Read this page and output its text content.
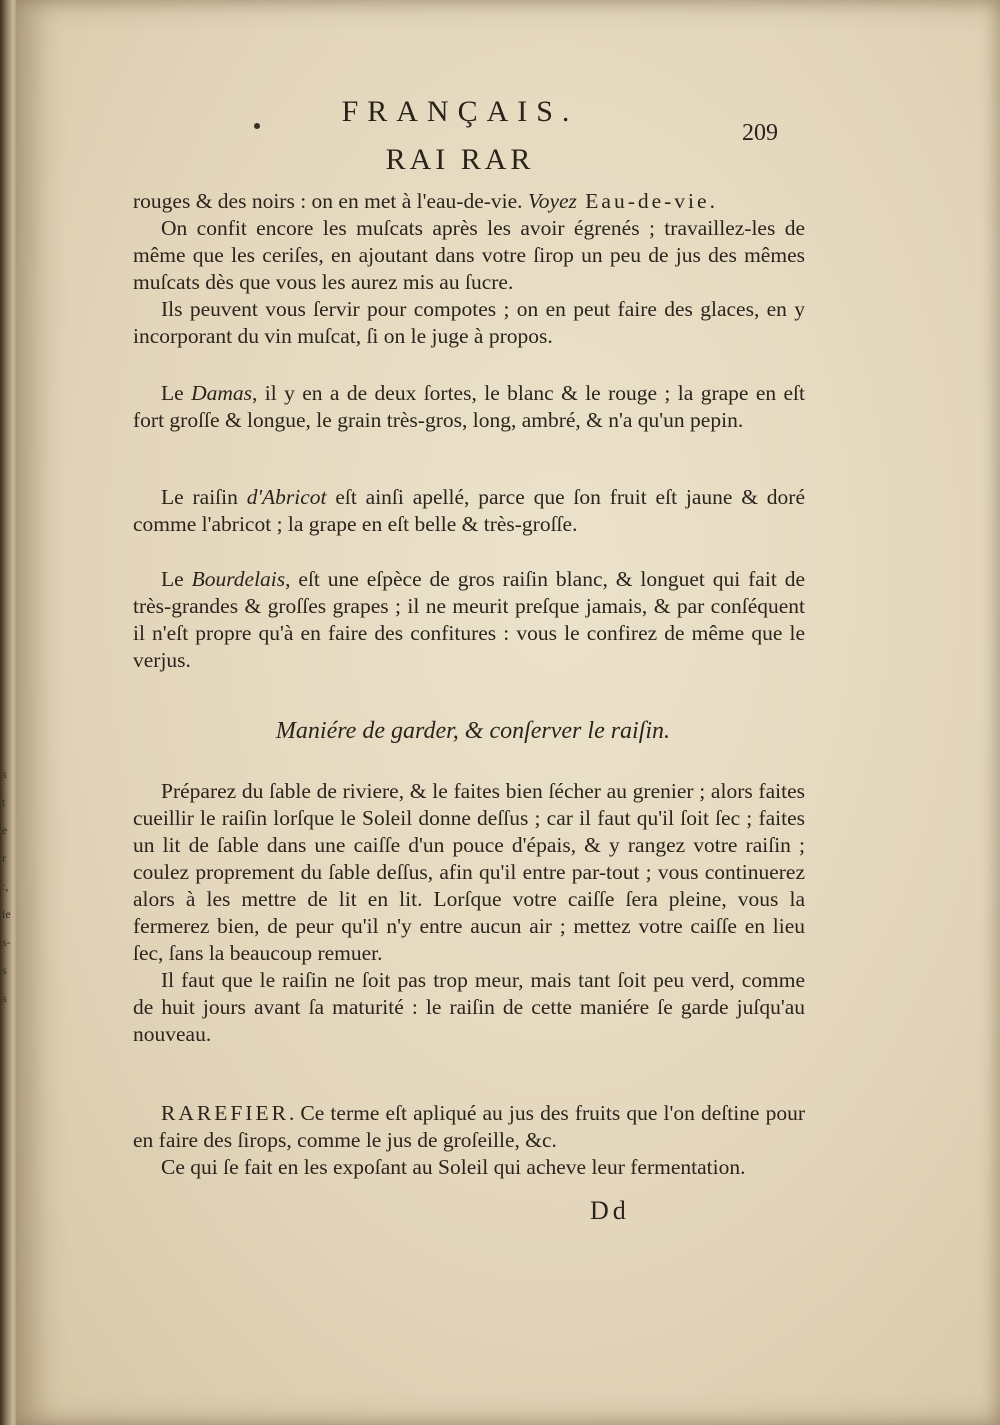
s
t
e
r
:,
le
s-
s
s
FRANÇAIS.
209
RAI RAR

rouges & des noirs : on en met à l'eau-de-vie. Voyez Eau-de-vie.

On confit encore les muſcats après les avoir égrenés ; travaillez-les de même que les ceriſes, en ajoutant dans votre ſirop un peu de jus des mêmes muſcats dès que vous les aurez mis au ſucre.

Ils peuvent vous ſervir pour compotes ; on en peut faire des glaces, en y incorporant du vin muſcat, ſi on le juge à propos.

Le Damas, il y en a de deux ſortes, le blanc & le rouge ; la grape en eſt fort groſſe & longue, le grain très-gros, long, ambré, & n'a qu'un pepin.

Le raiſin d'Abricot eſt ainſi apellé, parce que ſon fruit eſt jaune & doré comme l'abricot ; la grape en eſt belle & très-groſſe.

Le Bourdelais, eſt une eſpèce de gros raiſin blanc, & longuet qui fait de très-grandes & groſſes grapes ; il ne meurit preſque jamais, & par conſéquent il n'eſt propre qu'à en faire des confitures : vous le confirez de même que le verjus.

Maniére de garder, & conſerver le raiſin.

Préparez du ſable de riviere, & le faites bien ſécher au grenier ; alors faites cueillir le raiſin lorſque le Soleil donne deſſus ; car il faut qu'il ſoit ſec ; faites un lit de ſable dans une caiſſe d'un pouce d'épais, & y rangez votre raiſin ; coulez proprement du ſable deſſus, afin qu'il entre par-tout ; vous continuerez alors à les mettre de lit en lit. Lorſque votre caiſſe ſera pleine, vous la fermerez bien, de peur qu'il n'y entre aucun air ; mettez votre caiſſe en lieu ſec, ſans la beaucoup remuer.

Il faut que le raiſin ne ſoit pas trop meur, mais tant ſoit peu verd, comme de huit jours avant ſa maturité : le raiſin de cette maniére ſe garde juſqu'au nouveau.

RAREFIER. Ce terme eſt apliqué au jus des fruits que l'on deſtine pour en faire des ſirops, comme le jus de groſeille, &c.

Ce qui ſe fait en les expoſant au Soleil qui acheve leur fermentation.

Dd
